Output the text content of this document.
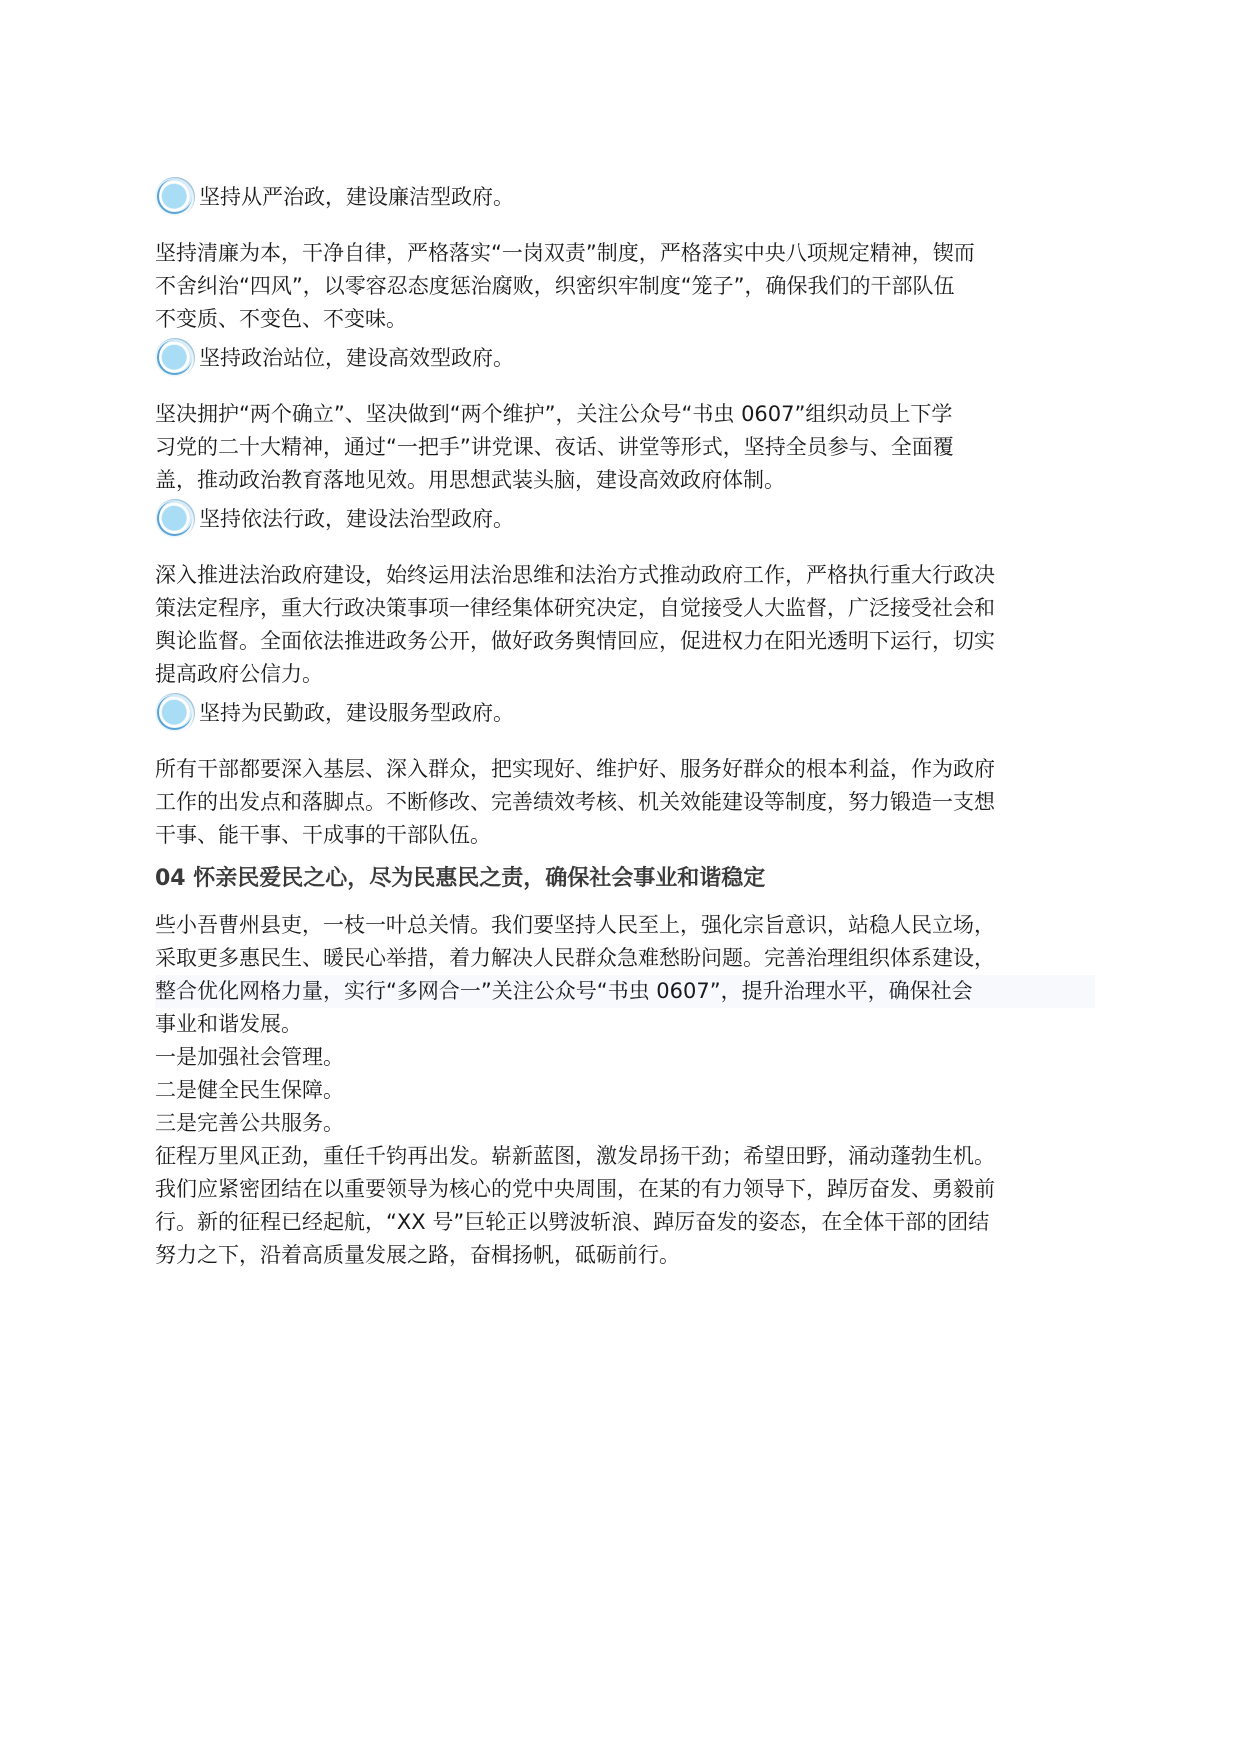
坚持从严治政，建设廉洁型政府。

坚持清廉为本，干净自律，严格落实“一岗双责”制度，严格落实中央八项规定精神，锲而
不舍纠治“四风”，以零容忍态度惩治腐败，织密织牢制度“笼子”，确保我们的干部队伍
不变质、不变色、不变味。

坚持政治站位，建设高效型政府。

坚决拥护“两个确立”、坚决做到“两个维护”，关注公众号“书虫 0607”组织动员上下学
习党的二十大精神，通过“一把手”讲党课、夜话、讲堂等形式，坚持全员参与、全面覆
盖，推动政治教育落地见效。用思想武装头脑，建设高效政府体制。

坚持依法行政，建设法治型政府。

深入推进法治政府建设，始终运用法治思维和法治方式推动政府工作，严格执行重大行政决
策法定程序，重大行政决策事项一律经集体研究决定，自觉接受人大监督，广泛接受社会和
舆论监督。全面依法推进政务公开，做好政务舆情回应，促进权力在阳光透明下运行，切实
提高政府公信力。

坚持为民勤政，建设服务型政府。

所有干部都要深入基层、深入群众，把实现好、维护好、服务好群众的根本利益，作为政府
工作的出发点和落脚点。不断修改、完善绩效考核、机关效能建设等制度，努力锻造一支想
干事、能干事、干成事的干部队伍。

04 怀亲民爱民之心，尽为民惠民之责，确保社会事业和谐稳定

些小吾曹州县吏，一枝一叶总关情。我们要坚持人民至上，强化宗旨意识，站稳人民立场，
采取更多惠民生、暖民心举措，着力解决人民群众急难愁盼问题。完善治理组织体系建设，
整合优化网格力量，实行“多网合一”关注公众号“书虫 0607”，提升治理水平，确保社会
事业和谐发展。
一是加强社会管理。
二是健全民生保障。
三是完善公共服务。
征程万里风正劲，重任千钧再出发。崭新蓝图，激发昂扬干劲；希望田野，涌动蓬勃生机。
我们应紧密团结在以重要领导为核心的党中央周围，在某的有力领导下，踔厉奋发、勇毅前
行。新的征程已经起航，“XX 号”巨轮正以劈波斩浪、踔厉奋发的姿态，在全体干部的团结
努力之下，沿着高质量发展之路，奋楫扬帆，砥砺前行。
